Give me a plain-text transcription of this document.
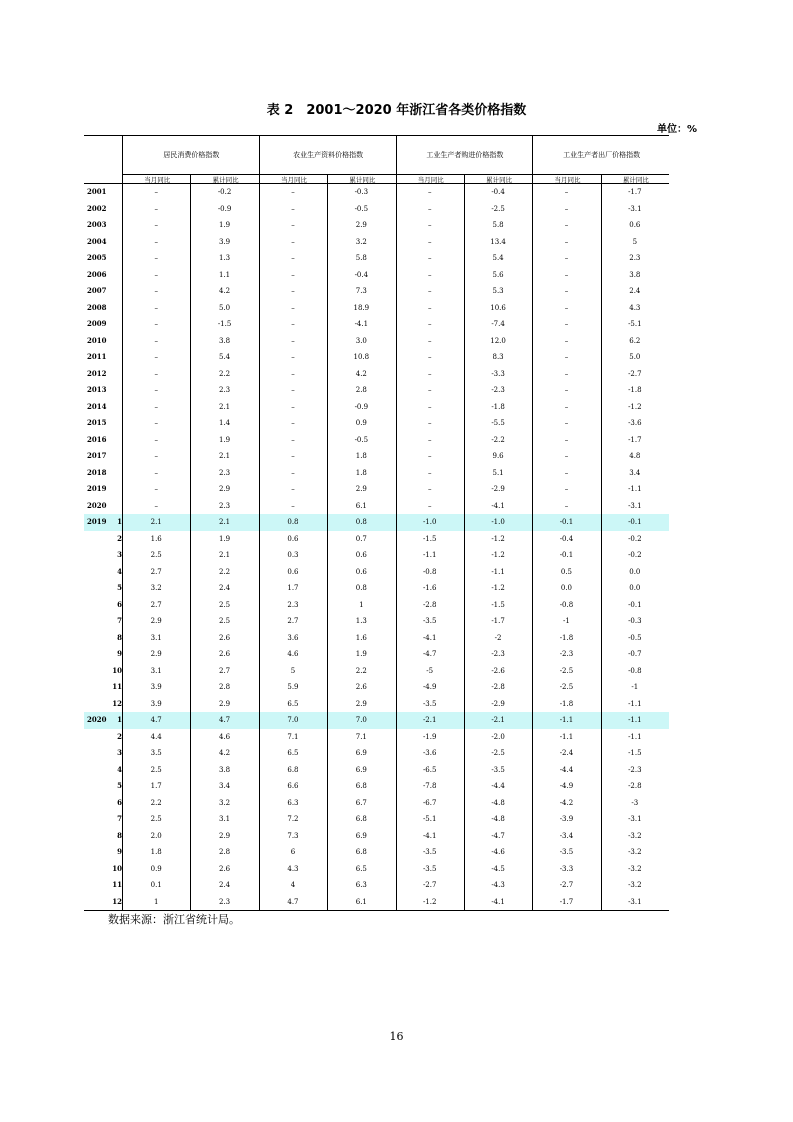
表 2　2001～2020 年浙江省各类价格指数
单位：%
居民消费价格指数	农业生产资料价格指数	工业生产者购进价格指数	工业生产者出厂价格指数
当月同比	累计同比	当月同比	累计同比	当月同比	累计同比	当月同比	累计同比
2001	–	-0.2	–	-0.3	–	-0.4	–	-1.7
2002	–	-0.9	–	-0.5	–	-2.5	–	-3.1
2003	–	1.9	–	2.9	–	5.8	–	0.6
2004	–	3.9	–	3.2	–	13.4	–	5
2005	–	1.3	–	5.8	–	5.4	–	2.3
2006	–	1.1	–	-0.4	–	5.6	–	3.8
2007	–	4.2	–	7.3	–	5.3	–	2.4
2008	–	5.0	–	18.9	–	10.6	–	4.3
2009	–	-1.5	–	-4.1	–	-7.4	–	-5.1
2010	–	3.8	–	3.0	–	12.0	–	6.2
2011	–	5.4	–	10.8	–	8.3	–	5.0
2012	–	2.2	–	4.2	–	-3.3	–	-2.7
2013	–	2.3	–	2.8	–	-2.3	–	-1.8
2014	–	2.1	–	-0.9	–	-1.8	–	-1.2
2015	–	1.4	–	0.9	–	-5.5	–	-3.6
2016	–	1.9	–	-0.5	–	-2.2	–	-1.7
2017	–	2.1	–	1.8	–	9.6	–	4.8
2018	–	2.3	–	1.8	–	5.1	–	3.4
2019	–	2.9	–	2.9	–	-2.9	–	-1.1
2020	–	2.3	–	6.1	–	-4.1	–	-3.1
2019	1	2.1	2.1	0.8	0.8	-1.0	-1.0	-0.1	-0.1
2	1.6	1.9	0.6	0.7	-1.5	-1.2	-0.4	-0.2
3	2.5	2.1	0.3	0.6	-1.1	-1.2	-0.1	-0.2
4	2.7	2.2	0.6	0.6	-0.8	-1.1	0.5	0.0
5	3.2	2.4	1.7	0.8	-1.6	-1.2	0.0	0.0
6	2.7	2.5	2.3	1	-2.8	-1.5	-0.8	-0.1
7	2.9	2.5	2.7	1.3	-3.5	-1.7	-1	-0.3
8	3.1	2.6	3.6	1.6	-4.1	-2	-1.8	-0.5
9	2.9	2.6	4.6	1.9	-4.7	-2.3	-2.3	-0.7
10	3.1	2.7	5	2.2	-5	-2.6	-2.5	-0.8
11	3.9	2.8	5.9	2.6	-4.9	-2.8	-2.5	-1
12	3.9	2.9	6.5	2.9	-3.5	-2.9	-1.8	-1.1
2020	1	4.7	4.7	7.0	7.0	-2.1	-2.1	-1.1	-1.1
2	4.4	4.6	7.1	7.1	-1.9	-2.0	-1.1	-1.1
3	3.5	4.2	6.5	6.9	-3.6	-2.5	-2.4	-1.5
4	2.5	3.8	6.8	6.9	-6.5	-3.5	-4.4	-2.3
5	1.7	3.4	6.6	6.8	-7.8	-4.4	-4.9	-2.8
6	2.2	3.2	6.3	6.7	-6.7	-4.8	-4.2	-3
7	2.5	3.1	7.2	6.8	-5.1	-4.8	-3.9	-3.1
8	2.0	2.9	7.3	6.9	-4.1	-4.7	-3.4	-3.2
9	1.8	2.8	6	6.8	-3.5	-4.6	-3.5	-3.2
10	0.9	2.6	4.3	6.5	-3.5	-4.5	-3.3	-3.2
11	0.1	2.4	4	6.3	-2.7	-4.3	-2.7	-3.2
12	1	2.3	4.7	6.1	-1.2	-4.1	-1.7	-3.1
数据来源：浙江省统计局。
16
